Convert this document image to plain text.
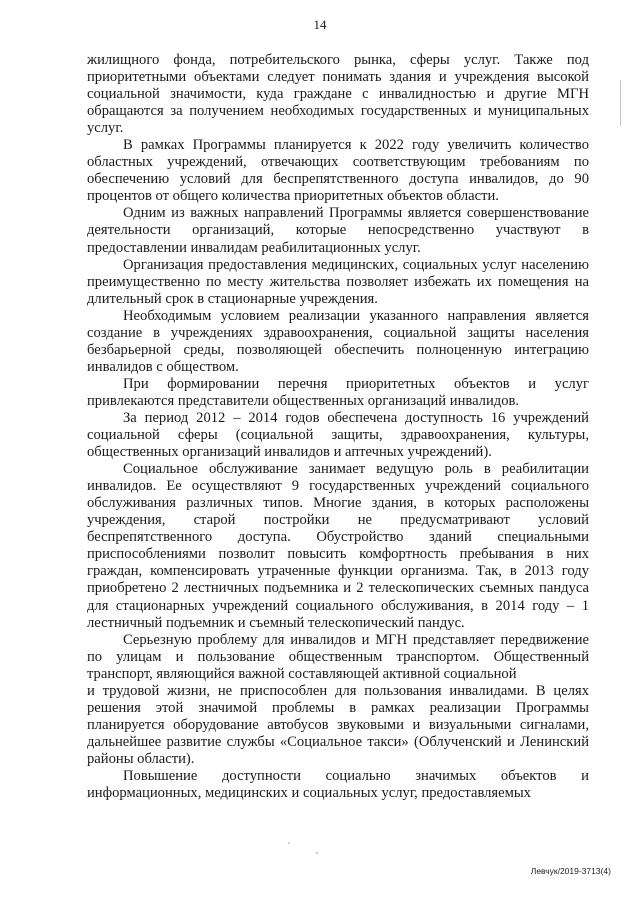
14

жилищного фонда, потребительского рынка, сферы услуг. Также под приоритетными объектами следует понимать здания и учреждения высокой социальной значимости, куда граждане с инвалидностью и другие МГН обращаются за получением необходимых государственных и муниципальных услуг.

В рамках Программы планируется к 2022 году увеличить количество областных учреждений, отвечающих соответствующим требованиям по обеспечению условий для беспрепятственного доступа инвалидов, до 90 процентов от общего количества приоритетных объектов области.

Одним из важных направлений Программы является совершенствование деятельности организаций, которые непосредственно участвуют в предоставлении инвалидам реабилитационных услуг.

Организация предоставления медицинских, социальных услуг населению преимущественно по месту жительства позволяет избежать их помещения на длительный срок в стационарные учреждения.

Необходимым условием реализации указанного направления является создание в учреждениях здравоохранения, социальной защиты населения безбарьерной среды, позволяющей обеспечить полноценную интеграцию инвалидов с обществом.

При формировании перечня приоритетных объектов и услуг привлекаются представители общественных организаций инвалидов.

За период 2012 – 2014 годов обеспечена доступность 16 учреждений социальной сферы (социальной защиты, здравоохранения, культуры, общественных организаций инвалидов и аптечных учреждений).

Социальное обслуживание занимает ведущую роль в реабилитации инвалидов. Ее осуществляют 9 государственных учреждений социального обслуживания различных типов. Многие здания, в которых расположены учреждения, старой постройки не предусматривают условий беспрепятственного доступа. Обустройство зданий специальными приспособлениями позволит повысить комфортность пребывания в них граждан, компенсировать утраченные функции организма. Так, в 2013 году приобретено 2 лестничных подъемника и 2 телескопических съемных пандуса для стационарных учреждений социального обслуживания, в 2014 году – 1 лестничный подъемник и съемный телескопический пандус.

Серьезную проблему для инвалидов и МГН представляет передвижение по улицам и пользование общественным транспортом. Общественный транспорт, являющийся важной составляющей активной социальной

и трудовой жизни, не приспособлен для пользования инвалидами. В целях решения этой значимой проблемы в рамках реализации Программы планируется оборудование автобусов звуковыми и визуальными сигналами, дальнейшее развитие службы «Социальное такси» (Облученский и Ленинский районы области).

Повышение доступности социально значимых объектов и информационных, медицинских и социальных услуг, предоставляемых

Левчук/2019-3713(4)
